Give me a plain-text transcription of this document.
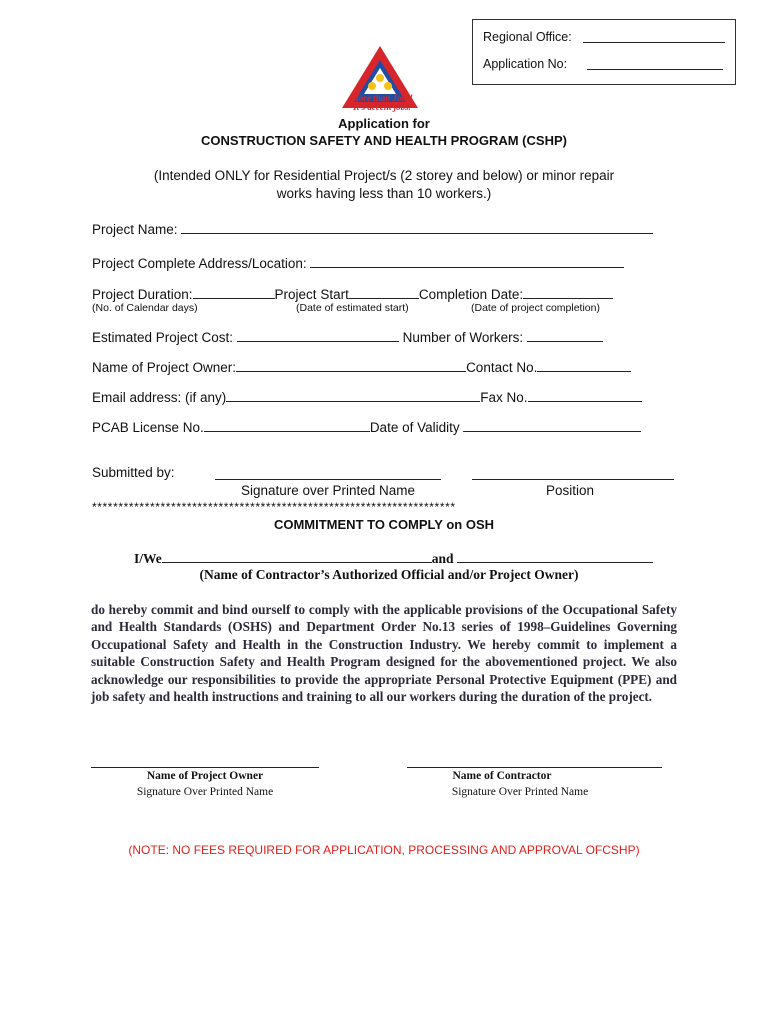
Regional Office:
Application No:
More than Jobs!
It's decent jobs.
Application for
CONSTRUCTION SAFETY AND HEALTH PROGRAM (CSHP)
(Intended ONLY for Residential Project/s (2 storey and below) or minor repair
works having less than 10 workers.)
Project Name:
Project Complete Address/Location:
Project Duration:	Project Start	Completion Date:
(No. of Calendar days)	(Date of estimated start)	(Date of project completion)
Estimated Project Cost:	Number of Workers:
Name of Project Owner:	Contact No.
Email address: (if any)	Fax No.
PCAB License No.	Date of Validity
Submitted by:
Signature over Printed Name	Position
*********************************************************************
COMMITMENT TO COMPLY on OSH
I/We	and
(Name of Contractor’s Authorized Official and/or Project Owner)
do hereby commit and bind ourself to comply with the applicable provisions of the Occupational Safety and Health Standards (OSHS) and Department Order No.13 series of 1998–Guidelines Governing Occupational Safety and Health in the Construction Industry. We hereby commit to implement a suitable Construction Safety and Health Program designed for the abovementioned project. We also acknowledge our responsibilities to provide the appropriate Personal Protective Equipment (PPE) and job safety and health instructions and training to all our workers during the duration of the project.
Name of Project Owner
Signature Over Printed Name
Name of Contractor
Signature Over Printed Name
(NOTE: NO FEES REQUIRED FOR APPLICATION, PROCESSING AND APPROVAL OFCSHP)
